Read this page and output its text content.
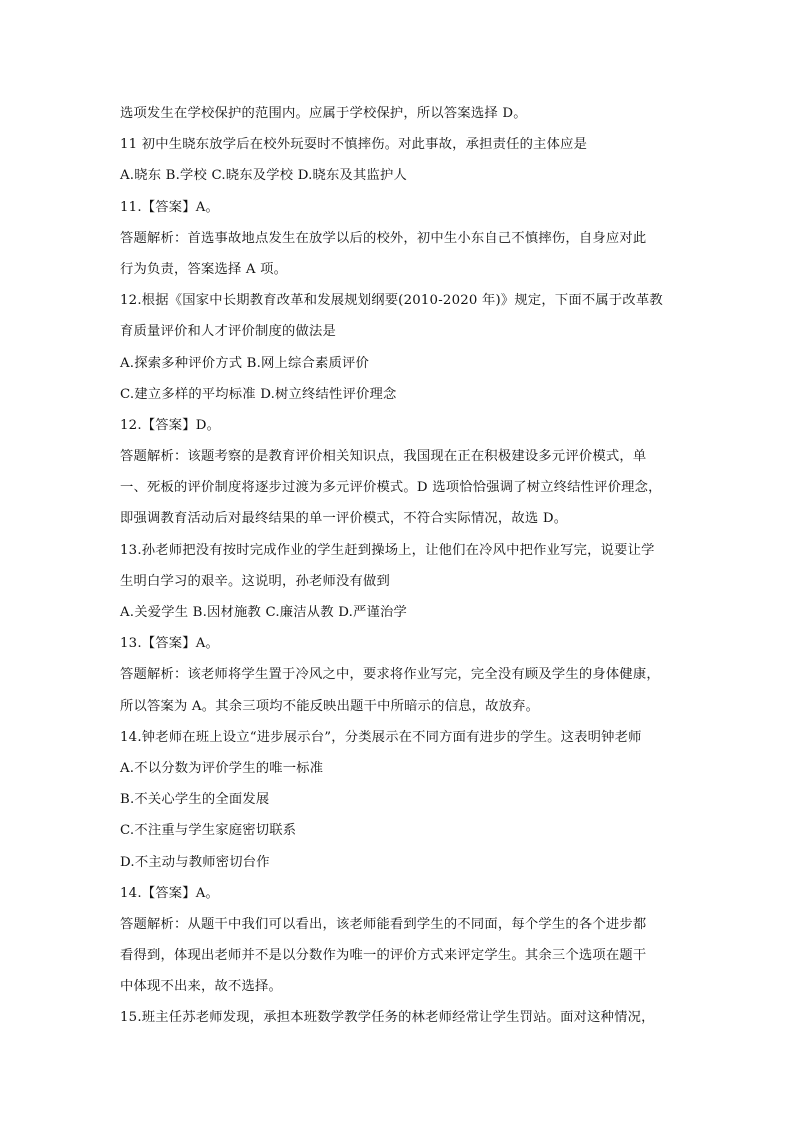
选项发生在学校保护的范围内。应属于学校保护，所以答案选择 D。
11 初中生晓东放学后在校外玩耍时不慎摔伤。对此事故，承担责任的主体应是
A.晓东 B.学校 C.晓东及学校 D.晓东及其监护人
11.【答案】A。
答题解析：首选事故地点发生在放学以后的校外，初中生小东自己不慎摔伤，自身应对此
行为负责，答案选择 A 项。
12.根据《国家中长期教育改革和发展规划纲要(2010-2020 年)》规定，下面不属于改革教
育质量评价和人才评价制度的做法是
A.探索多种评价方式 B.网上综合素质评价
C.建立多样的平均标准 D.树立终结性评价理念
12.【答案】D。
答题解析：该题考察的是教育评价相关知识点，我国现在正在积极建设多元评价模式，单
一、死板的评价制度将逐步过渡为多元评价模式。D 选项恰恰强调了树立终结性评价理念，
即强调教育活动后对最终结果的单一评价模式，不符合实际情况，故选 D。
13.孙老师把没有按时完成作业的学生赶到操场上，让他们在冷风中把作业写完，说要让学
生明白学习的艰辛。这说明，孙老师没有做到
A.关爱学生 B.因材施教 C.廉洁从教 D.严谨治学
13.【答案】A。
答题解析：该老师将学生置于冷风之中，要求将作业写完，完全没有顾及学生的身体健康，
所以答案为 A。其余三项均不能反映出题干中所暗示的信息，故放弃。
14.钟老师在班上设立“进步展示台”，分类展示在不同方面有进步的学生。这表明钟老师
A.不以分数为评价学生的唯一标准
B.不关心学生的全面发展
C.不注重与学生家庭密切联系
D.不主动与教师密切台作
14.【答案】A。
答题解析：从题干中我们可以看出，该老师能看到学生的不同面，每个学生的各个进步都
看得到，体现出老师并不是以分数作为唯一的评价方式来评定学生。其余三个选项在题干
中体现不出来，故不选择。
15.班主任苏老师发现，承担本班数学教学任务的林老师经常让学生罚站。面对这种情况，
